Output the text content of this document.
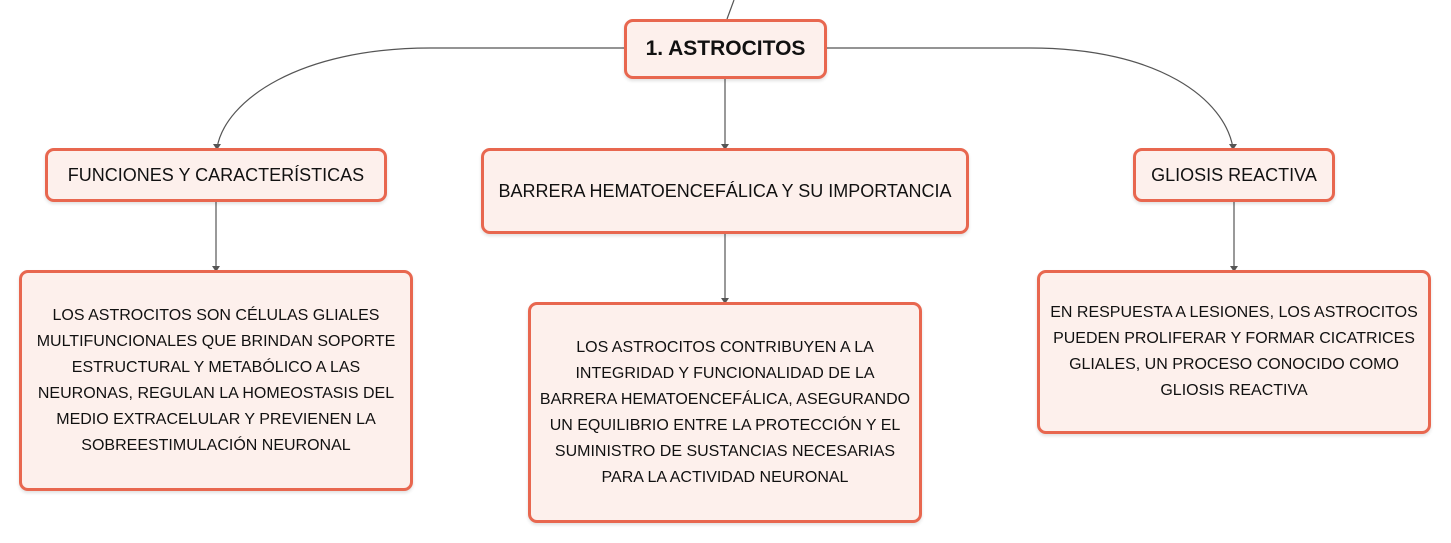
1. ASTROCITOS
FUNCIONES Y CARACTERÍSTICAS
BARRERA HEMATOENCEFÁLICA Y SU IMPORTANCIA
GLIOSIS REACTIVA
LOS ASTROCITOS SON CÉLULAS GLIALES MULTIFUNCIONALES QUE BRINDAN SOPORTE ESTRUCTURAL Y METABÓLICO A LAS NEURONAS, REGULAN LA HOMEOSTASIS DEL MEDIO EXTRACELULAR Y PREVIENEN LA SOBREESTIMULACIÓN NEURONAL
LOS ASTROCITOS CONTRIBUYEN A LA INTEGRIDAD Y FUNCIONALIDAD DE LA BARRERA HEMATOENCEFÁLICA, ASEGURANDO UN EQUILIBRIO ENTRE LA PROTECCIÓN Y EL SUMINISTRO DE SUSTANCIAS NECESARIAS PARA LA ACTIVIDAD NEURONAL
EN RESPUESTA A LESIONES, LOS ASTROCITOS PUEDEN PROLIFERAR Y FORMAR CICATRICES GLIALES, UN PROCESO CONOCIDO COMO GLIOSIS REACTIVA
